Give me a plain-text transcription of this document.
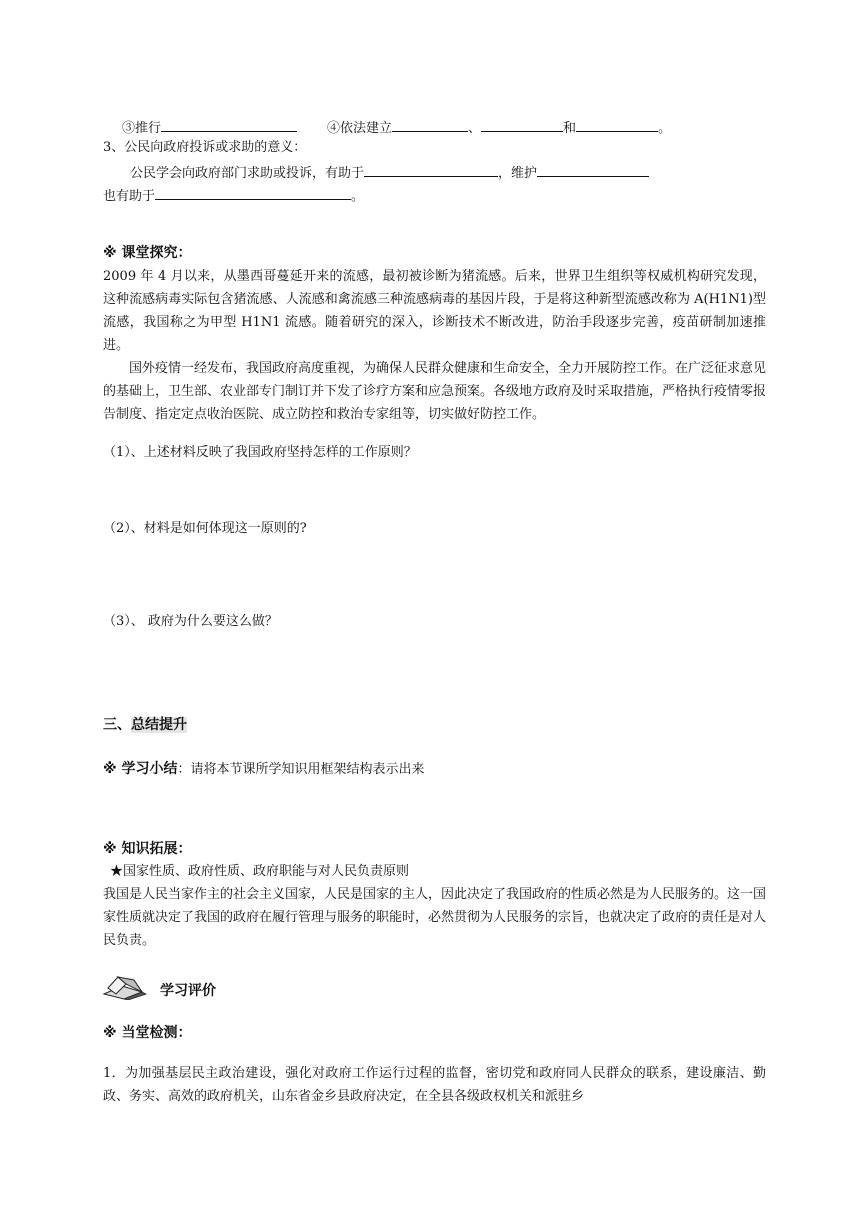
③推行	④依法建立	、	和	。
3、公民向政府投诉或求助的意义：
公民学会向政府部门求助或投诉，有助于	，维护
也有助于	。
※ 课堂探究：
2009 年 4 月以来，从墨西哥蔓延开来的流感，最初被诊断为猪流感。后来，世界卫生组织等权威机构研究发现，这种流感病毒实际包含猪流感、人流感和禽流感三种流感病毒的基因片段，于是将这种新型流感改称为 A(H1N1)型流感，我国称之为甲型 H1N1 流感。随着研究的深入，诊断技术不断改进，防治手段逐步完善，疫苗研制加速推进。
国外疫情一经发布，我国政府高度重视，为确保人民群众健康和生命安全，全力开展防控工作。在广泛征求意见的基础上，卫生部、农业部专门制订并下发了诊疗方案和应急预案。各级地方政府及时采取措施，严格执行疫情零报告制度、指定定点收治医院、成立防控和救治专家组等，切实做好防控工作。
（1）、上述材料反映了我国政府坚持怎样的工作原则？
（2）、材料是如何体现这一原则的?
（3）、 政府为什么要这么做？
三、总结提升
※ 学习小结：请将本节课所学知识用框架结构表示出来
※ 知识拓展：
★国家性质、政府性质、政府职能与对人民负责原则
我国是人民当家作主的社会主义国家，人民是国家的主人，因此决定了我国政府的性质必然是为人民服务的。这一国家性质就决定了我国的政府在履行管理与服务的职能时，必然贯彻为人民服务的宗旨，也就决定了政府的责任是对人民负责。
学习评价
※ 当堂检测：
1．为加强基层民主政治建设，强化对政府工作运行过程的监督，密切党和政府同人民群众的联系，建设廉洁、勤政、务实、高效的政府机关，山东省金乡县政府决定，在全县各级政权机关和派驻乡
